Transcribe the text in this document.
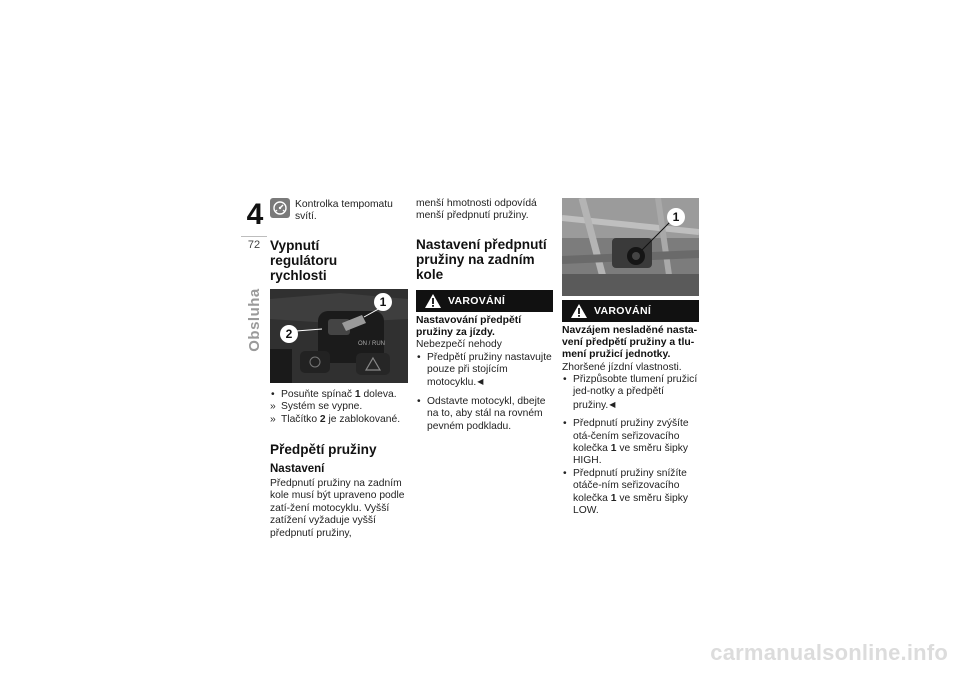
4
72
Obsluha

Kontrolka tempomatu svítí.

Vypnutí regulátoru rychlosti
ON / RUN
1
2

• Posuňte spínač 1 doleva.

» Systém se vypne.

» Tlačítko 2 je zablokované.

Předpětí pružiny
Nastavení

Předpnutí pružiny na zadním kole musí být upraveno podle zatí-žení motocyklu. Vyšší zatížení vyžaduje vyšší předpnutí pružiny,

menší hmotnosti odpovídá menší předpnutí pružiny.

Nastavení předpnutí pružiny na zadním kole
VAROVÁNÍ

Nastavování předpětí pružiny za jízdy.

Nebezpečí nehody

• Předpětí pružiny nastavujte pouze při stojícím motocyklu.◀

• Odstavte motocykl, dbejte na to, aby stál na rovném pevném podkladu.

1
VAROVÁNÍ

Navzájem nesladěné nasta-vení předpětí pružiny a tlu-mení pružicí jednotky.

Zhoršené jízdní vlastnosti.

• Přizpůsobte tlumení pružicí jed-notky a předpětí pružiny.◀

• Předpnutí pružiny zvýšíte otá-čením seřizovacího kolečka 1 ve směru šipky HIGH.

• Předpnutí pružiny snížíte otáče-ním seřizovacího kolečka 1 ve směru šipky LOW.

carmanualsonline.info
